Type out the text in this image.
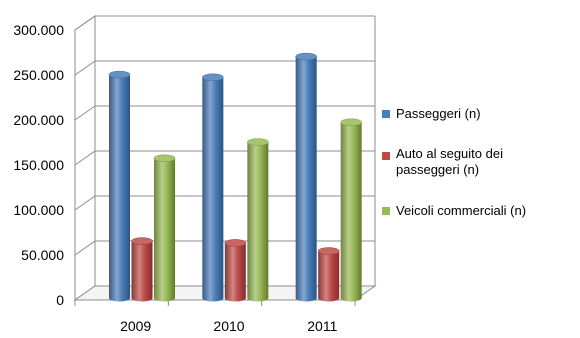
0
50.000
100.000
150.000
200.000
250.000
300.000
2009	2010	2011
Passeggeri (n)
Auto al seguito dei
passeggeri (n)
Veicoli commerciali (n)
